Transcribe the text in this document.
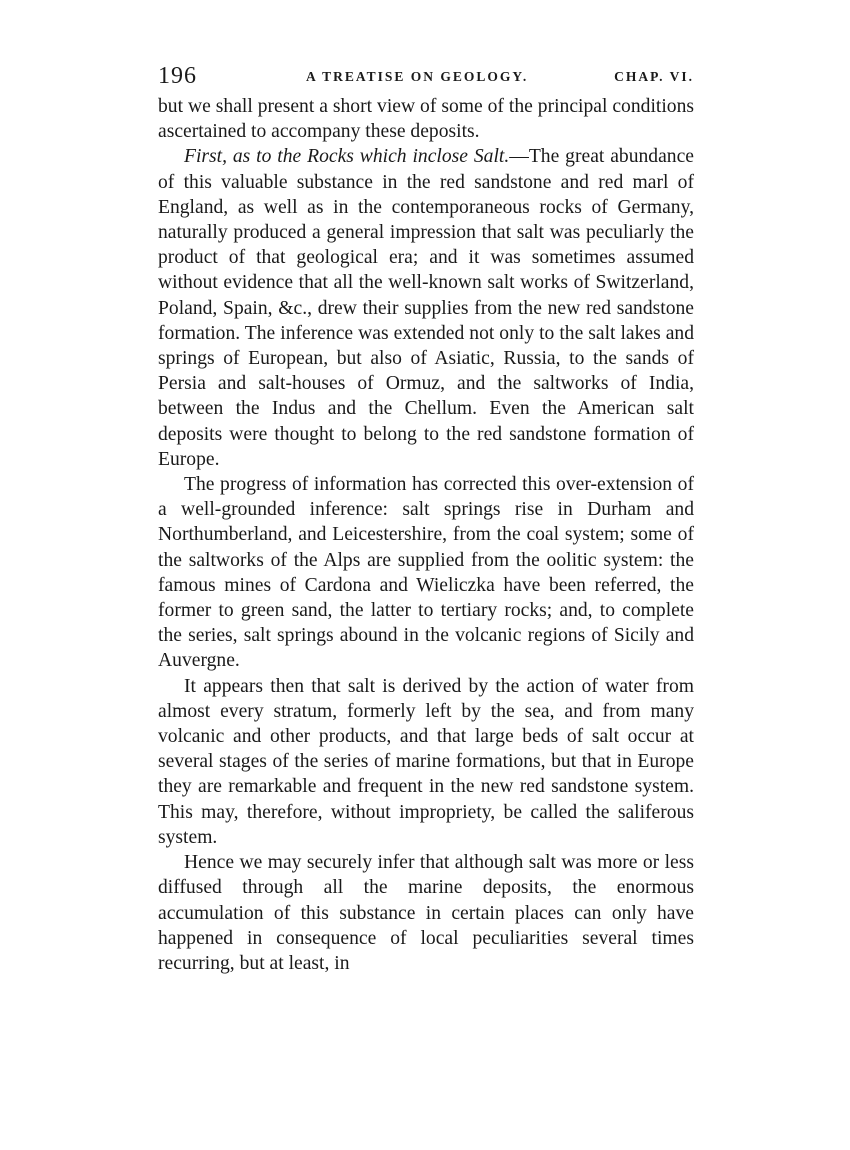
196	A TREATISE ON GEOLOGY.	CHAP. VI.

but we shall present a short view of some of the principal conditions ascertained to accompany these deposits.

First, as to the Rocks which inclose Salt.—The great abundance of this valuable substance in the red sandstone and red marl of England, as well as in the contemporaneous rocks of Germany, naturally produced a general impression that salt was peculiarly the product of that geological era; and it was sometimes assumed without evidence that all the well-known salt works of Switzerland, Poland, Spain, &c., drew their supplies from the new red sandstone formation. The inference was extended not only to the salt lakes and springs of European, but also of Asiatic, Russia, to the sands of Persia and salt-houses of Ormuz, and the saltworks of India, between the Indus and the Chellum. Even the American salt deposits were thought to belong to the red sandstone formation of Europe.

The progress of information has corrected this over-extension of a well-grounded inference: salt springs rise in Durham and Northumberland, and Leicestershire, from the coal system; some of the saltworks of the Alps are supplied from the oolitic system: the famous mines of Cardona and Wieliczka have been referred, the former to green sand, the latter to tertiary rocks; and, to complete the series, salt springs abound in the volcanic regions of Sicily and Auvergne.

It appears then that salt is derived by the action of water from almost every stratum, formerly left by the sea, and from many volcanic and other products, and that large beds of salt occur at several stages of the series of marine formations, but that in Europe they are remarkable and frequent in the new red sandstone system. This may, therefore, without impropriety, be called the saliferous system.

Hence we may securely infer that although salt was more or less diffused through all the marine deposits, the enormous accumulation of this substance in certain places can only have happened in consequence of local peculiarities several times recurring, but at least, in
